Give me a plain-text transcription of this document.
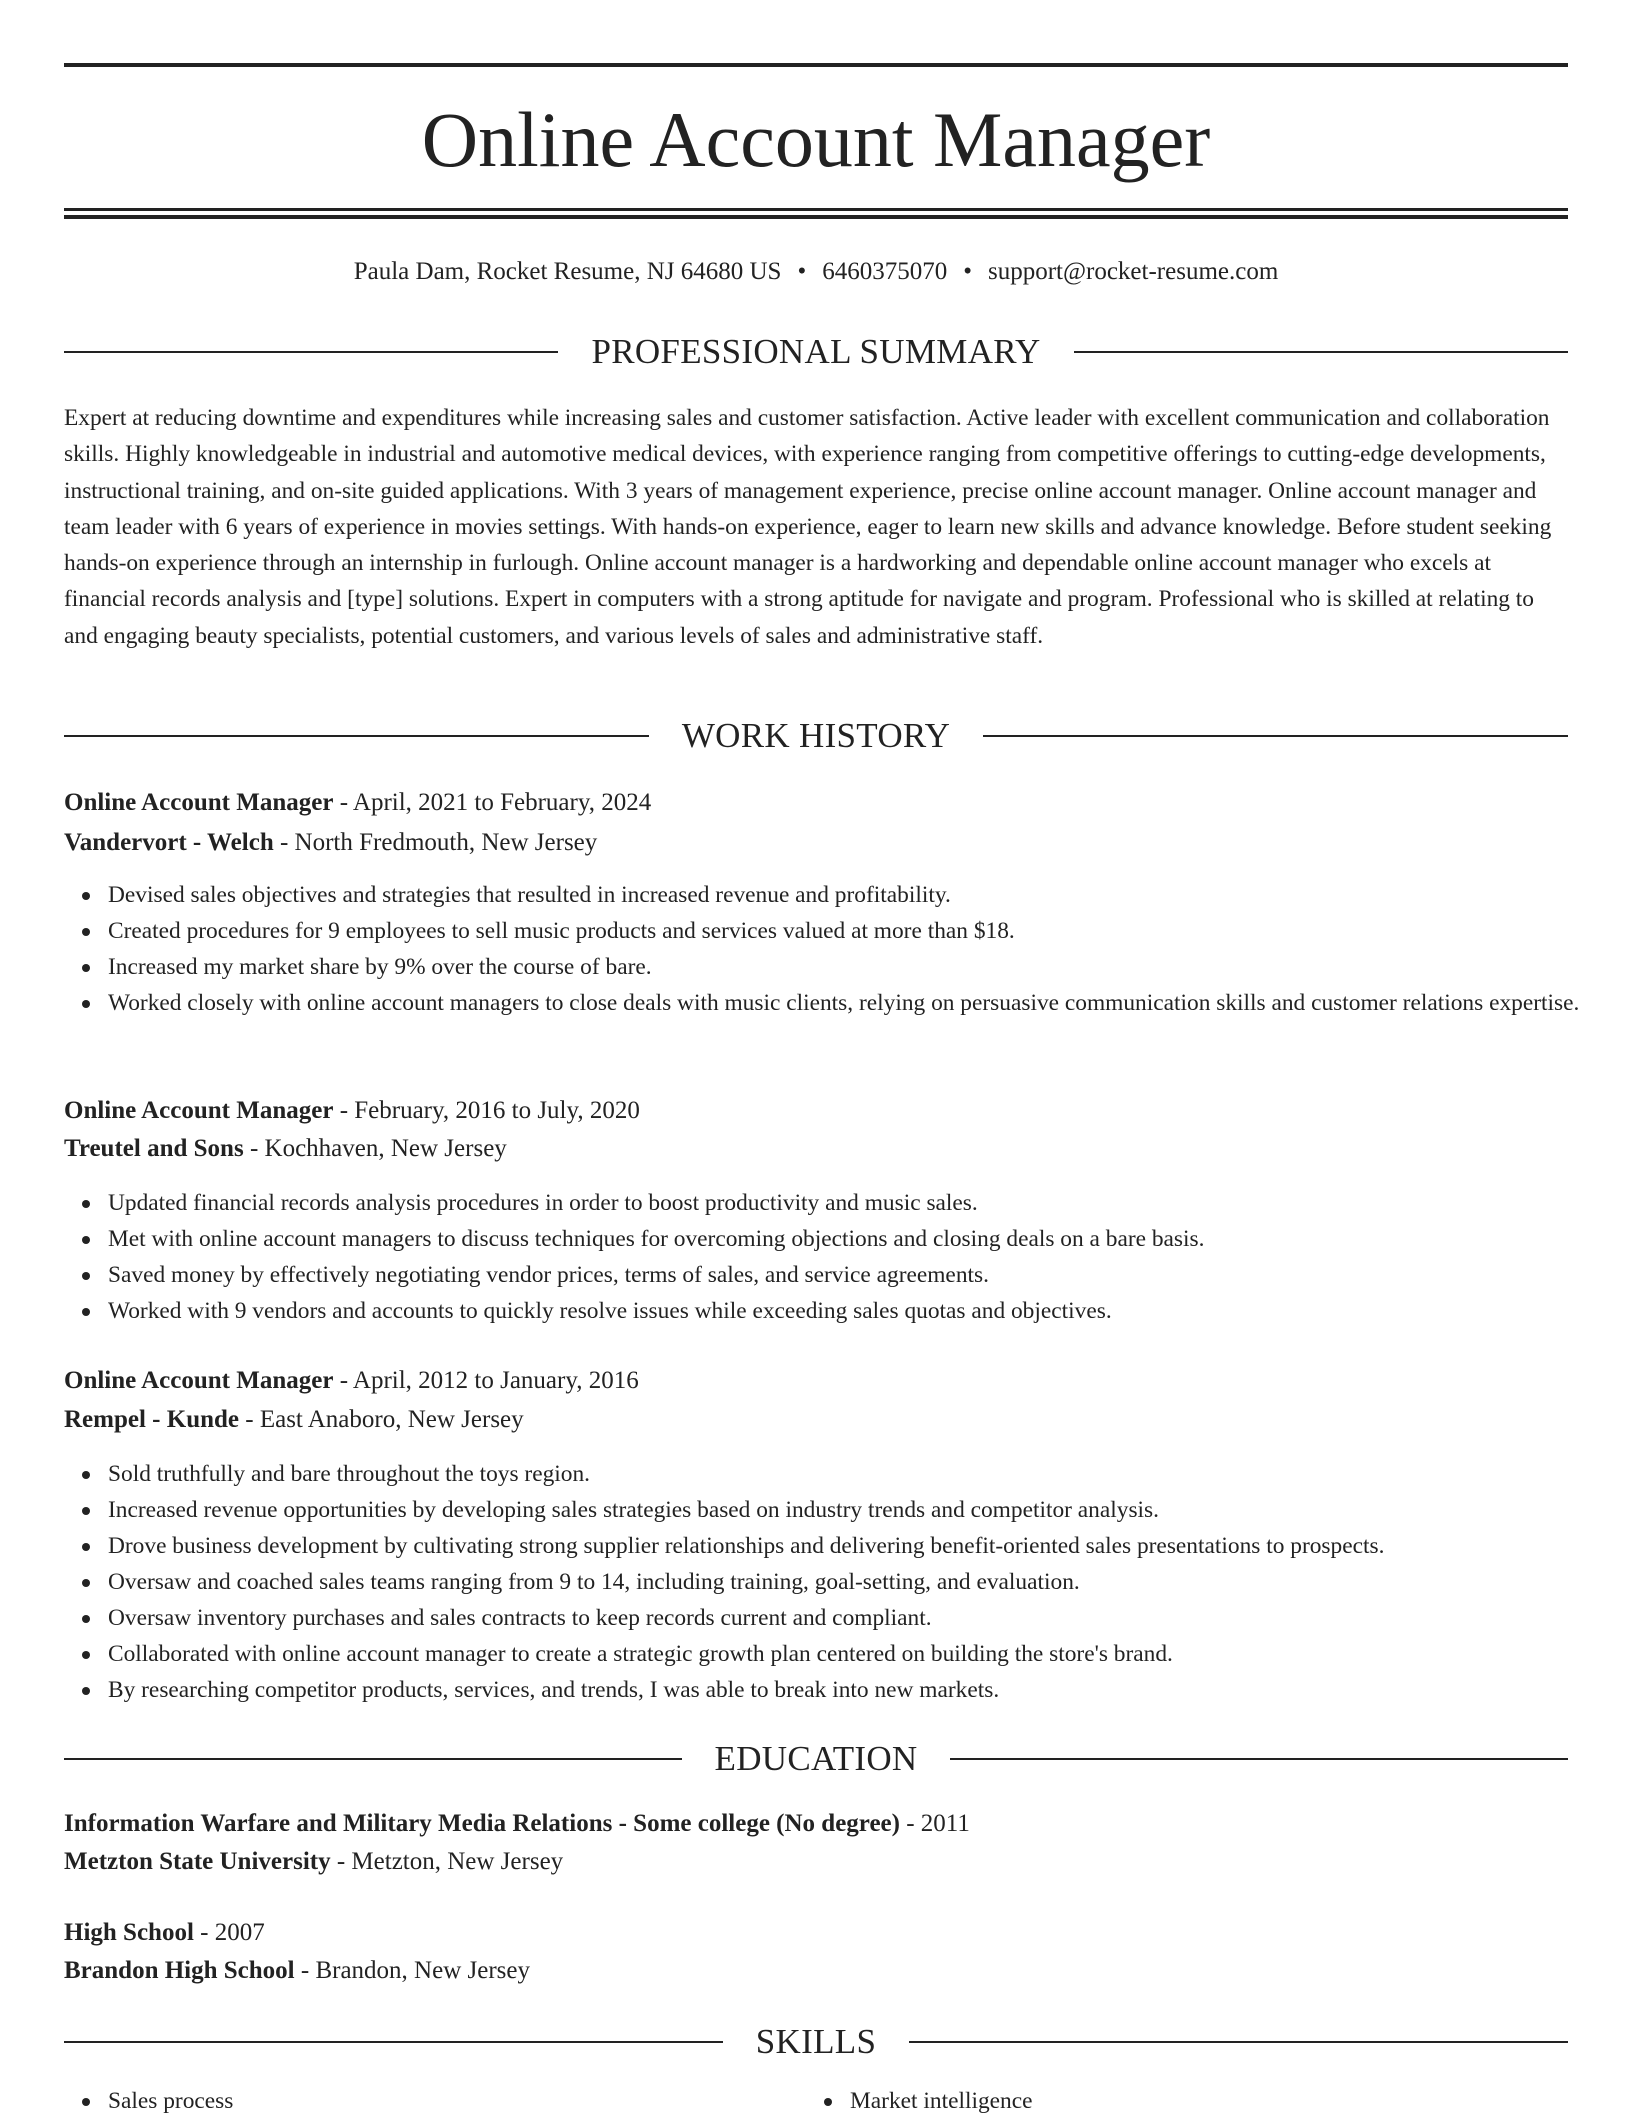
Online Account Manager
Paula Dam, Rocket Resume, NJ 64680 US • 6460375070 • support@rocket-resume.com
PROFESSIONAL SUMMARY

Expert at reducing downtime and expenditures while increasing sales and customer satisfaction. Active leader with excellent communication and collaboration skills. Highly knowledgeable in industrial and automotive medical devices, with experience ranging from competitive offerings to cutting-edge developments, instructional training, and on-site guided applications. With 3 years of management experience, precise online account manager. Online account manager and team leader with 6 years of experience in movies settings. With hands-on experience, eager to learn new skills and advance knowledge. Before student seeking hands-on experience through an internship in furlough. Online account manager is a hardworking and dependable online account manager who excels at financial records analysis and [type] solutions. Expert in computers with a strong aptitude for navigate and program. Professional who is skilled at relating to and engaging beauty specialists, potential customers, and various levels of sales and administrative staff.

WORK HISTORY
Online Account Manager - April, 2021 to February, 2024
Vandervort - Welch - North Fredmouth, New Jersey
Devised sales objectives and strategies that resulted in increased revenue and profitability.
Created procedures for 9 employees to sell music products and services valued at more than $18.
Increased my market share by 9% over the course of bare.
Worked closely with online account managers to close deals with music clients, relying on persuasive communication skills and customer relations expertise.
Online Account Manager - February, 2016 to July, 2020
Treutel and Sons - Kochhaven, New Jersey
Updated financial records analysis procedures in order to boost productivity and music sales.
Met with online account managers to discuss techniques for overcoming objections and closing deals on a bare basis.
Saved money by effectively negotiating vendor prices, terms of sales, and service agreements.
Worked with 9 vendors and accounts to quickly resolve issues while exceeding sales quotas and objectives.
Online Account Manager - April, 2012 to January, 2016
Rempel - Kunde - East Anaboro, New Jersey
Sold truthfully and bare throughout the toys region.
Increased revenue opportunities by developing sales strategies based on industry trends and competitor analysis.
Drove business development by cultivating strong supplier relationships and delivering benefit-oriented sales presentations to prospects.
Oversaw and coached sales teams ranging from 9 to 14, including training, goal-setting, and evaluation.
Oversaw inventory purchases and sales contracts to keep records current and compliant.
Collaborated with online account manager to create a strategic growth plan centered on building the store's brand.
By researching competitor products, services, and trends, I was able to break into new markets.
EDUCATION
Information Warfare and Military Media Relations - Some college (No degree) - 2011
Metzton State University - Metzton, New Jersey
High School - 2007
Brandon High School - Brandon, New Jersey
SKILLS
Sales process	Market intelligence
